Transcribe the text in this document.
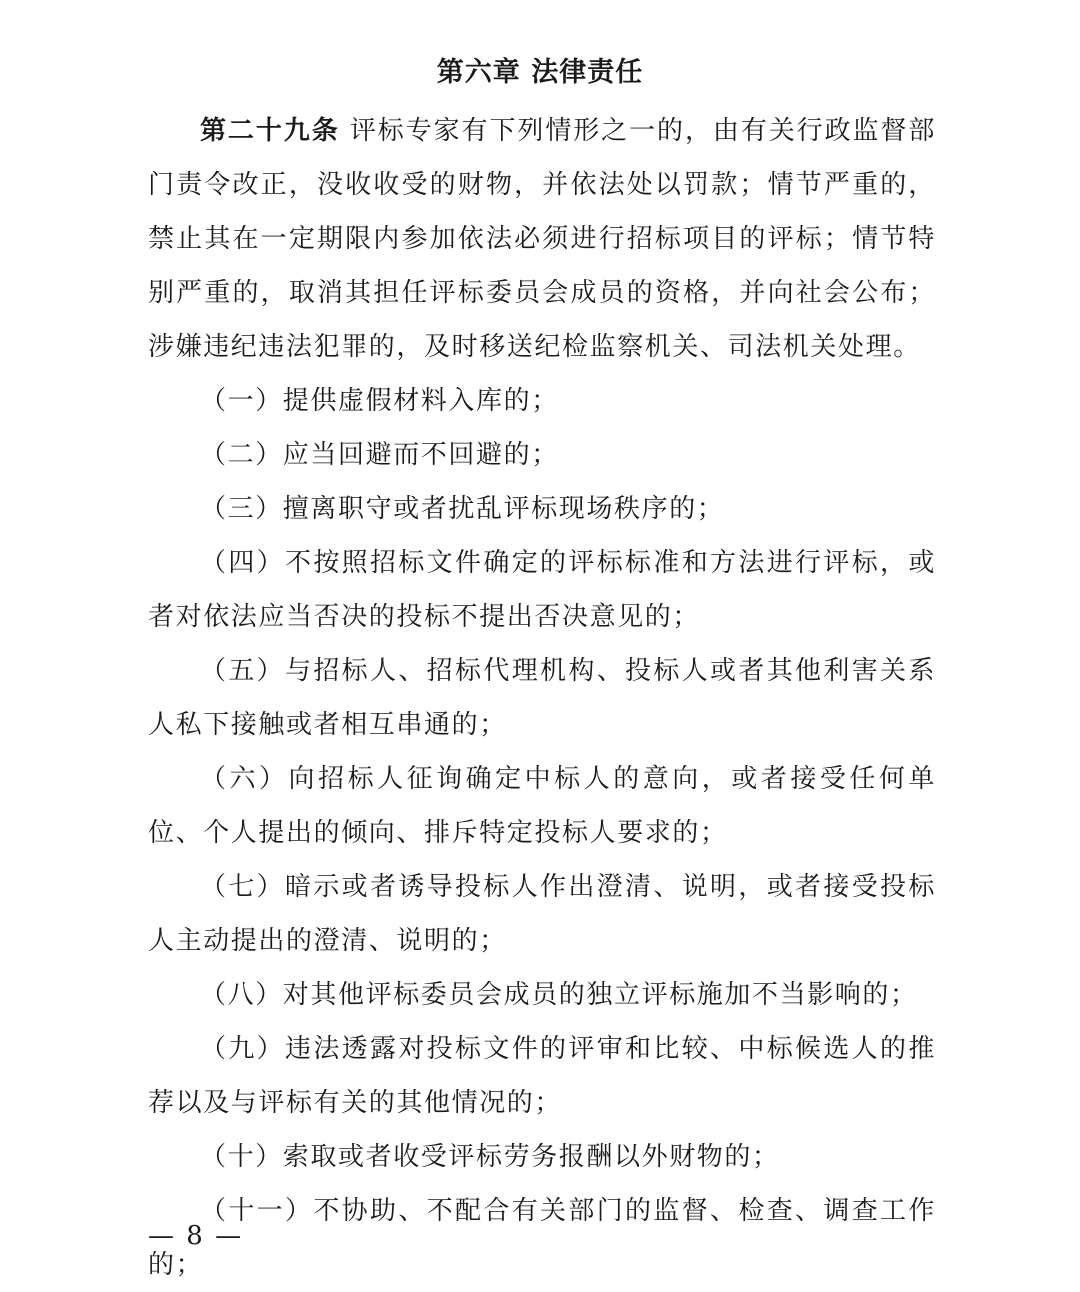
第六章 法律责任

第二十九条 评标专家有下列情形之一的，由有关行政监督部门责令改正，没收收受的财物，并依法处以罚款；情节严重的，禁止其在一定期限内参加依法必须进行招标项目的评标；情节特别严重的，取消其担任评标委员会成员的资格，并向社会公布；涉嫌违纪违法犯罪的，及时移送纪检监察机关、司法机关处理。

（一）提供虚假材料入库的；

（二）应当回避而不回避的；

（三）擅离职守或者扰乱评标现场秩序的；

（四）不按照招标文件确定的评标标准和方法进行评标，或者对依法应当否决的投标不提出否决意见的；

（五）与招标人、招标代理机构、投标人或者其他利害关系人私下接触或者相互串通的；

（六）向招标人征询确定中标人的意向，或者接受任何单位、个人提出的倾向、排斥特定投标人要求的；

（七）暗示或者诱导投标人作出澄清、说明，或者接受投标人主动提出的澄清、说明的；

（八）对其他评标委员会成员的独立评标施加不当影响的；

（九）违法透露对投标文件的评审和比较、中标候选人的推荐以及与评标有关的其他情况的；

（十）索取或者收受评标劳务报酬以外财物的；

（十一）不协助、不配合有关部门的监督、检查、调查工作的；

— 8 —
